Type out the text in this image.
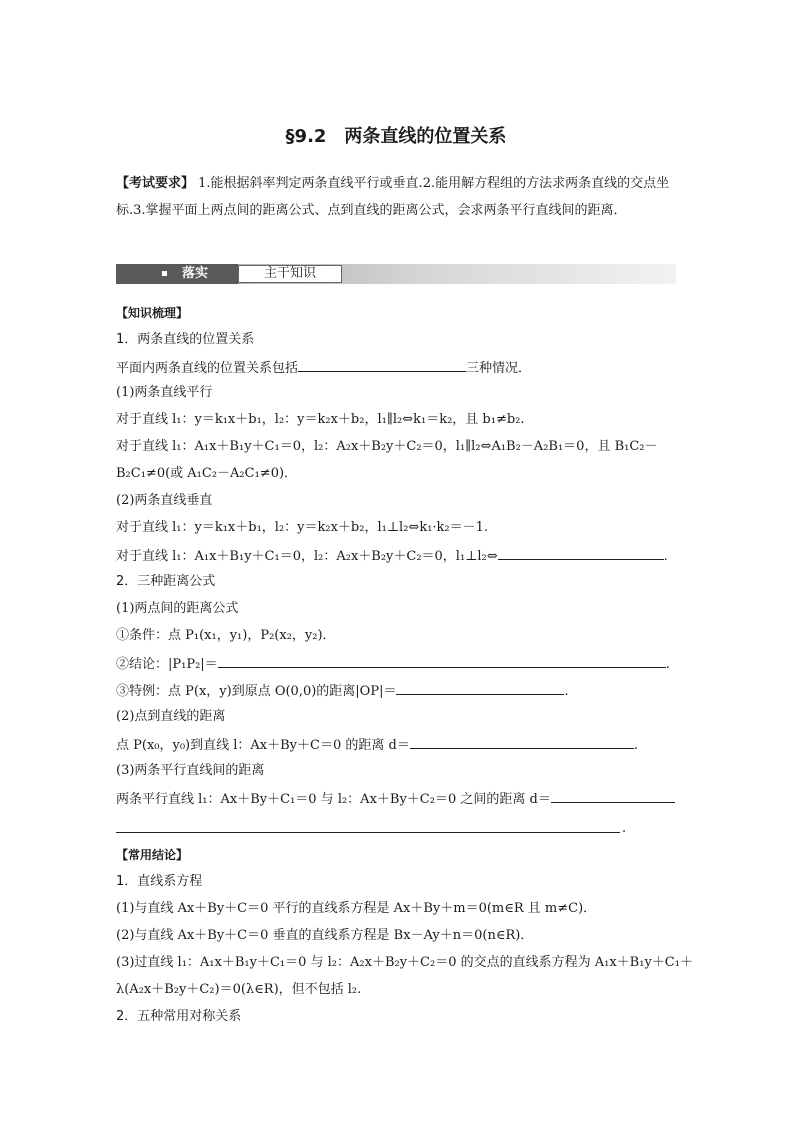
§9.2　两条直线的位置关系
【考试要求】 1.能根据斜率判定两条直线平行或垂直.2.能用解方程组的方法求两条直线的交点坐标.3.掌握平面上两点间的距离公式、点到直线的距离公式，会求两条平行直线间的距离．
落实	主干知识
【知识梳理】
1．两条直线的位置关系
平面内两条直线的位置关系包括	三种情况．
(1)两条直线平行
对于直线 l₁：y＝k₁x＋b₁，l₂：y＝k₂x＋b₂，l₁∥l₂⇔k₁＝k₂，且 b₁≠b₂.
对于直线 l₁：A₁x＋B₁y＋C₁＝0，l₂：A₂x＋B₂y＋C₂＝0，l₁∥l₂⇔A₁B₂－A₂B₁＝0，且 B₁C₂－
B₂C₁≠0(或 A₁C₂－A₂C₁≠0)．
(2)两条直线垂直
对于直线 l₁：y＝k₁x＋b₁，l₂：y＝k₂x＋b₂，l₁⊥l₂⇔k₁·k₂＝－1.
对于直线 l₁：A₁x＋B₁y＋C₁＝0，l₂：A₂x＋B₂y＋C₂＝0，l₁⊥l₂⇔	.
2．三种距离公式
(1)两点间的距离公式
①条件：点 P₁(x₁，y₁)，P₂(x₂，y₂)．
②结论：|P₁P₂|＝	.
③特例：点 P(x，y)到原点 O(0,0)的距离|OP|＝	.
(2)点到直线的距离
点 P(x₀，y₀)到直线 l：Ax＋By＋C＝0 的距离 d＝	.
(3)两条平行直线间的距离
两条平行直线 l₁：Ax＋By＋C₁＝0 与 l₂：Ax＋By＋C₂＝0 之间的距离 d＝
.
【常用结论】
1．直线系方程
(1)与直线 Ax＋By＋C＝0 平行的直线系方程是 Ax＋By＋m＝0(m∈R 且 m≠C)．
(2)与直线 Ax＋By＋C＝0 垂直的直线系方程是 Bx－Ay＋n＝0(n∈R)．
(3)过直线 l₁：A₁x＋B₁y＋C₁＝0 与 l₂：A₂x＋B₂y＋C₂＝0 的交点的直线系方程为 A₁x＋B₁y＋C₁＋
λ(A₂x＋B₂y＋C₂)＝0(λ∈R)，但不包括 l₂.
2．五种常用对称关系
